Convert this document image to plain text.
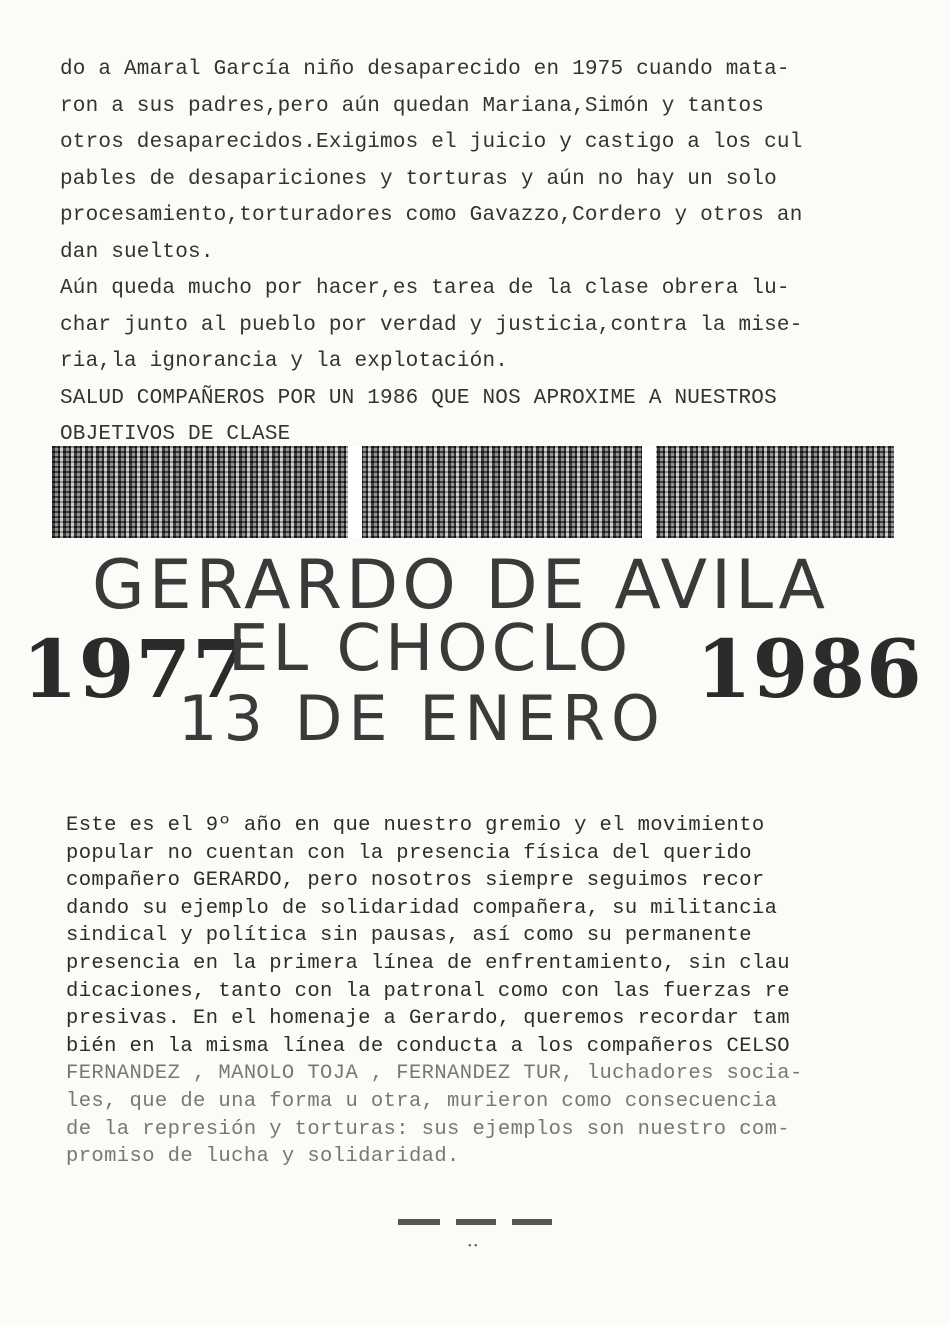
do a Amaral García niño desaparecido en 1975 cuando mata-
ron a sus padres,pero aún quedan Mariana,Simón y tantos
otros desaparecidos.Exigimos el juicio y castigo a los cul
pables de desapariciones y torturas y aún no hay un solo
procesamiento,torturadores como Gavazzo,Cordero y otros an
dan sueltos.
Aún queda mucho por hacer,es tarea de la clase obrera lu-
char junto al pueblo por verdad y justicia,contra la mise-
ria,la ignorancia y la explotación.
SALUD COMPAÑEROS POR UN 1986 QUE NOS APROXIME A NUESTROS
OBJETIVOS DE CLASE
GERARDO DE AVILA
1977
EL CHOCLO 1986
13 DE ENERO
Este es el 9º año en que nuestro gremio y el movimiento
popular no cuentan con la presencia física del querido
compañero GERARDO, pero nosotros siempre seguimos recor
dando su ejemplo de solidaridad compañera, su militancia
sindical y política sin pausas, así como su permanente
presencia en la primera línea de enfrentamiento, sin clau
dicaciones, tanto con la patronal como con las fuerzas re
presivas. En el homenaje a Gerardo, queremos recordar tam
bién en la misma línea de conducta a los compañeros CELSO
FERNANDEZ , MANOLO TOJA , FERNANDEZ TUR, luchadores socia-
les, que de una forma u otra, murieron como consecuencia
de la represión y torturas: sus ejemplos son nuestro com-
promiso de lucha y solidaridad.
• •
